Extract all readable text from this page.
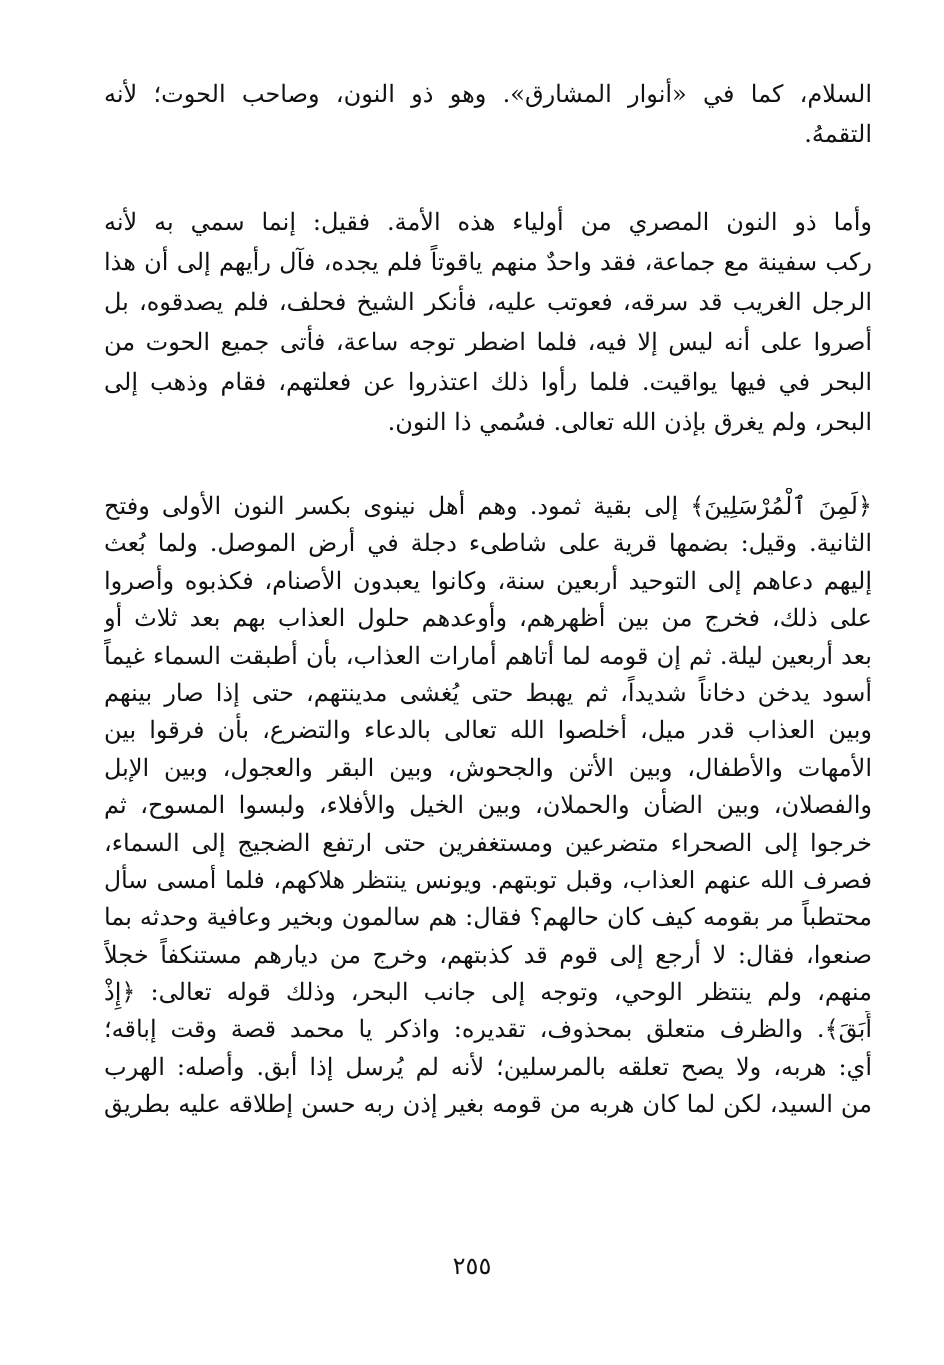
السلام، كما في «أنوار المشارق». وهو ذو النون، وصاحب الحوت؛ لأنه
التقمهُ.
وأما ذو النون المصري من أولياء هذه الأمة. فقيل: إنما سمي به لأنه
ركب سفينة مع جماعة، فقد واحدٌ منهم ياقوتاً فلم يجده، فآل رأيهم إلى أن هذا
الرجل الغريب قد سرقه، فعوتب عليه، فأنكر الشيخ فحلف، فلم يصدقوه، بل
أصروا على أنه ليس إلا فيه، فلما اضطر توجه ساعة، فأتى جميع الحوت من
البحر في فيها يواقيت. فلما رأوا ذلك اعتذروا عن فعلتهم، فقام وذهب إلى
البحر، ولم يغرق بإذن الله تعالى. فسُمي ذا النون.
﴿لَمِنَ ٱلْمُرْسَلِينَ﴾ إلى بقية ثمود. وهم أهل نينوى بكسر النون الأولى وفتح
الثانية. وقيل: بضمها قرية على شاطىء دجلة في أرض الموصل. ولما بُعث
إليهم دعاهم إلى التوحيد أربعين سنة، وكانوا يعبدون الأصنام، فكذبوه وأصروا
على ذلك، فخرج من بين أظهرهم، وأوعدهم حلول العذاب بهم بعد ثلاث أو
بعد أربعين ليلة. ثم إن قومه لما أتاهم أمارات العذاب، بأن أطبقت السماء غيماً
أسود يدخن دخاناً شديداً، ثم يهبط حتى يُغشى مدينتهم، حتى إذا صار بينهم
وبين العذاب قدر ميل، أخلصوا الله تعالى بالدعاء والتضرع، بأن فرقوا بين
الأمهات والأطفال، وبين الأتن والجحوش، وبين البقر والعجول، وبين الإبل
والفصلان، وبين الضأن والحملان، وبين الخيل والأفلاء، ولبسوا المسوح، ثم
خرجوا إلى الصحراء متضرعين ومستغفرين حتى ارتفع الضجيج إلى السماء،
فصرف الله عنهم العذاب، وقبل توبتهم. ويونس ينتظر هلاكهم، فلما أمسى سأل
محتطباً مر بقومه كيف كان حالهم؟ فقال: هم سالمون وبخير وعافية وحدثه بما
صنعوا، فقال: لا أرجع إلى قوم قد كذبتهم، وخرج من ديارهم مستنكفاً خجلاً
منهم، ولم ينتظر الوحي، وتوجه إلى جانب البحر، وذلك قوله تعالى: ﴿إِذْ
أَبَقَ﴾. والظرف متعلق بمحذوف، تقديره: واذكر يا محمد قصة وقت إباقه؛
أي: هربه، ولا يصح تعلقه بالمرسلين؛ لأنه لم يُرسل إذا أبق. وأصله: الهرب
من السيد، لكن لما كان هربه من قومه بغير إذن ربه حسن إطلاقه عليه بطريق
٢٥٥
